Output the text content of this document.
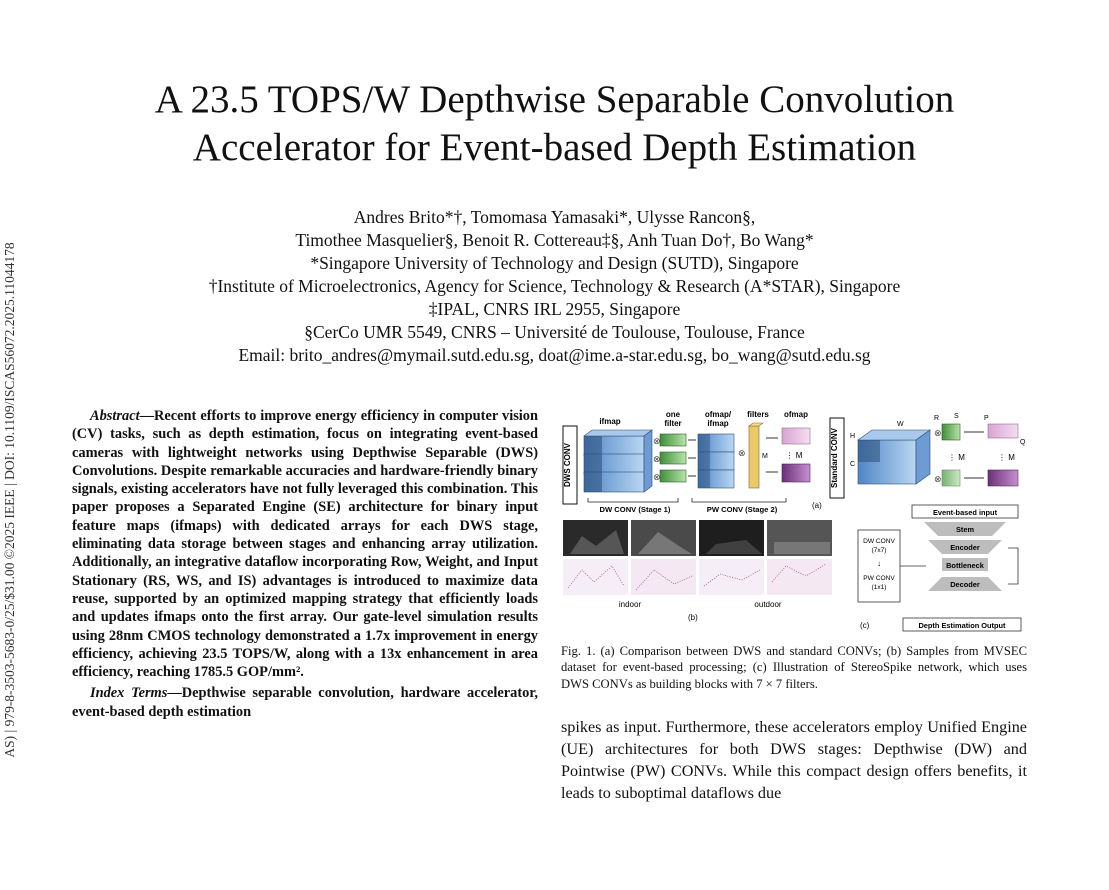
AS) | 979-8-3503-5683-0/25/$31.00 ©2025 IEEE | DOI: 10.1109/ISCAS56072.2025.11044178
A 23.5 TOPS/W Depthwise Separable Convolution
Accelerator for Event-based Depth Estimation
Andres Brito*†, Tomomasa Yamasaki*, Ulysse Rancon§,
Timothee Masquelier§, Benoit R. Cottereau‡§, Anh Tuan Do†, Bo Wang*
*Singapore University of Technology and Design (SUTD), Singapore
†Institute of Microelectronics, Agency for Science, Technology & Research (A*STAR), Singapore
‡IPAL, CNRS IRL 2955, Singapore
§CerCo UMR 5549, CNRS – Université de Toulouse, Toulouse, France
Email: brito_andres@mymail.sutd.edu.sg, doat@ime.a-star.edu.sg, bo_wang@sutd.edu.sg

Abstract—Recent efforts to improve energy efficiency in computer vision (CV) tasks, such as depth estimation, focus on integrating event-based cameras with lightweight networks using Depthwise Separable (DWS) Convolutions. Despite remarkable accuracies and hardware-friendly binary signals, existing accelerators have not fully leveraged this combination. This paper proposes a Separated Engine (SE) architecture for binary input feature maps (ifmaps) with dedicated arrays for each DWS stage, eliminating data storage between stages and enhancing array utilization. Additionally, an integrative dataflow incorporating Row, Weight, and Input Stationary (RS, WS, and IS) advantages is introduced to maximize data reuse, supported by an optimized mapping strategy that efficiently loads and updates ifmaps onto the first array. Our gate-level simulation results using 28nm CMOS technology demonstrated a 1.7x improvement in energy efficiency, achieving 23.5 TOPS/W, along with a 13x enhancement in area efficiency, reaching 1785.5 GOP/mm².

Index Terms—Depthwise separable convolution, hardware accelerator, event-based depth estimation

DWS CONV
ifmap
one
filter
⊗
⊗
⊗
ofmap/
ifmap
filters
⊗ M
ofmap
⋮ M
DW CONV (Stage 1)	PW CONV (Stage 2)
Standard CONV
W
H
C
⋮ M
R S
⊗
⊗
⋮ M
P
Q
(a)
indoor	outdoor
(b)
DW CONV
(7x7)
↓
PW CONV
(1x1)
Event-based input
Stem
Encoder
Bottleneck
Decoder
Depth Estimation Output
(c)
Fig. 1. (a) Comparison between DWS and standard CONVs; (b) Samples from MVSEC dataset for event-based processing; (c) Illustration of StereoSpike network, which uses DWS CONVs as building blocks with 7 × 7 filters.
spikes as input. Furthermore, these accelerators employ Unified Engine (UE) architectures for both DWS stages: Depthwise (DW) and Pointwise (PW) CONVs. While this compact design offers benefits, it leads to suboptimal dataflows due
